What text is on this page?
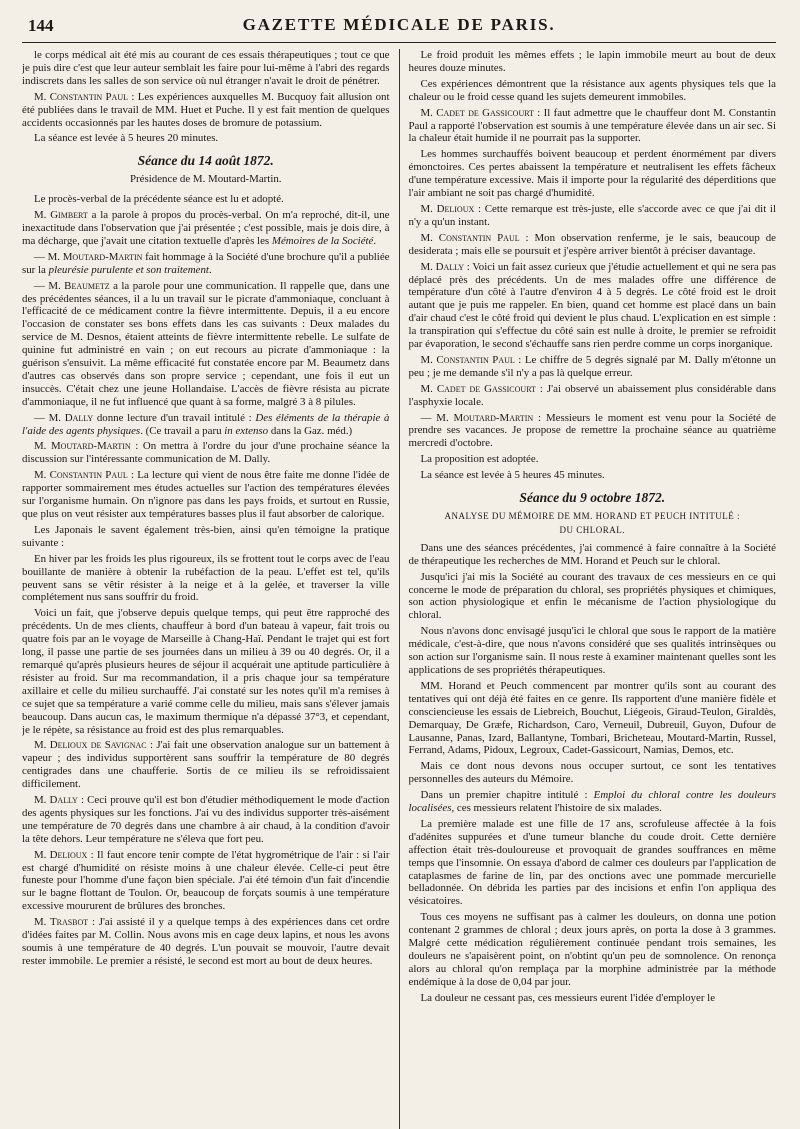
144	GAZETTE MÉDICALE DE PARIS.

le corps médical ait été mis au courant de ces essais thérapeutiques ; tout ce que je puis dire c'est que leur auteur semblait les faire pour lui-même à l'abri des regards indiscrets dans les salles de son service où nul étranger n'avait le droit de pénétrer.

M. Constantin Paul : Les expériences auxquelles M. Bucquoy fait allusion ont été publiées dans le travail de MM. Huet et Puche. Il y est fait mention de quelques accidents occasionnés par les hautes doses de bromure de potassium.

La séance est levée à 5 heures 20 minutes.

Séance du 14 août 1872.
Présidence de M. Moutard-Martin.

Le procès-verbal de la précédente séance est lu et adopté.

M. Gimbert a la parole à propos du procès-verbal. On m'a reproché, dit-il, une inexactitude dans l'observation que j'ai présentée ; c'est possible, mais je dois dire, à ma décharge, que j'avait une citation textuelle d'après les Mémoires de la Société.

— M. Moutard-Martin fait hommage à la Société d'une brochure qu'il a publiée sur la pleurésie purulente et son traitement.

— M. Beaumetz a la parole pour une communication. Il rappelle que, dans une des précédentes séances, il a lu un travail sur le picrate d'ammoniaque, concluant à l'efficacité de ce médicament contre la fièvre intermittente. Depuis, il a eu encore l'occasion de constater ses bons effets dans les cas suivants : Deux malades du service de M. Desnos, étaient atteints de fièvre intermittente rebelle. Le sulfate de quinine fut administré en vain ; on eut recours au picrate d'ammoniaque : la guérison s'ensuivit. La même efficacité fut constatée encore par M. Beaumetz dans d'autres cas observés dans son propre service ; cependant, une fois il eut un insuccès. C'était chez une jeune Hollandaise. L'accès de fièvre résista au picrate d'ammoniaque, il ne fut influencé que quant à sa forme, malgré 3 à 8 pilules.

— M. Dally donne lecture d'un travail intitulé : Des éléments de la thérapie à l'aide des agents physiques. (Ce travail a paru in extenso dans la Gaz. méd.)

M. Moutard-Martin : On mettra à l'ordre du jour d'une prochaine séance la discussion sur l'intéressante communication de M. Dally.

M. Constantin Paul : La lecture qui vient de nous être faite me donne l'idée de rapporter sommairement mes études actuelles sur l'action des températures élevées sur l'organisme humain. On n'ignore pas dans les pays froids, et surtout en Russie, que plus on veut résister aux températures basses plus il faut absorber de calorique.

Les Japonais le savent également très-bien, ainsi qu'en témoigne la pratique suivante :

En hiver par les froids les plus rigoureux, ils se frottent tout le corps avec de l'eau bouillante de manière à obtenir la rubéfaction de la peau. L'effet est tel, qu'ils peuvent sans se vêtir résister à la neige et à la gelée, et traverser la ville complétement nus sans souffrir du froid.

Voici un fait, que j'observe depuis quelque temps, qui peut être rapproché des précédents. Un de mes clients, chauffeur à bord d'un bateau à vapeur, fait trois ou quatre fois par an le voyage de Marseille à Chang-Haï. Pendant le trajet qui est fort long, il passe une partie de ses journées dans un milieu à 39 ou 40 degrés. Or, il a remarqué qu'après plusieurs heures de séjour il acquérait une aptitude particulière à résister au froid. Sur ma recommandation, il a pris chaque jour sa température axillaire et celle du milieu surchauffé. J'ai constaté sur les notes qu'il m'a remises à ce sujet que sa température a varié comme celle du milieu, mais sans s'élever jamais beaucoup. Dans aucun cas, le maximum thermique n'a dépassé 37°3, et cependant, je le répète, sa résistance au froid est des plus remarquables.

M. Delioux de Savignac : J'ai fait une observation analogue sur un battement à vapeur ; des individus supportèrent sans souffrir la température de 80 degrés centigrades dans une chaufferie. Sortis de ce milieu ils se refroidissaient difficilement.

M. Dally : Ceci prouve qu'il est bon d'étudier méthodiquement le mode d'action des agents physiques sur les fonctions. J'ai vu des individus supporter très-aisément une température de 70 degrés dans une chambre à air chaud, à la condition d'avoir la tête dehors. Leur température ne s'éleva que fort peu.

M. Delioux : Il faut encore tenir compte de l'état hygrométrique de l'air : si l'air est chargé d'humidité on résiste moins à une chaleur élevée. Celle-ci peut être funeste pour l'homme d'une façon bien spéciale. J'ai été témoin d'un fait d'incendie sur le bagne flottant de Toulon. Or, beaucoup de forçats soumis à une température excessive moururent de brûlures des bronches.

M. Trasbot : J'ai assisté il y a quelque temps à des expériences dans cet ordre d'idées faites par M. Collin. Nous avons mis en cage deux lapins, et nous les avons soumis à une température de 40 degrés. L'un pouvait se mouvoir, l'autre devait rester immobile. Le premier a résisté, le second est mort au bout de deux heures.

Le froid produit les mêmes effets ; le lapin immobile meurt au bout de deux heures douze minutes.

Ces expériences démontrent que la résistance aux agents physiques tels que la chaleur ou le froid cesse quand les sujets demeurent immobiles.

M. Cadet de Gassicourt : Il faut admettre que le chauffeur dont M. Constantin Paul a rapporté l'observation est soumis à une température élevée dans un air sec. Si la chaleur était humide il ne pourrait pas la supporter.

Les hommes surchauffés boivent beaucoup et perdent énormément par divers émonctoires. Ces pertes abaissent la température et neutralisent les effets fâcheux d'une température excessive. Mais il importe pour la régularité des déperditions que l'air ambiant ne soit pas chargé d'humidité.

M. Delioux : Cette remarque est très-juste, elle s'accorde avec ce que j'ai dit il n'y a qu'un instant.

M. Constantin Paul : Mon observation renferme, je le sais, beaucoup de desiderata ; mais elle se poursuit et j'espère arriver bientôt à préciser davantage.

M. Dally : Voici un fait assez curieux que j'étudie actuellement et qui ne sera pas déplacé près des précédents. Un de mes malades offre une différence de température d'un côté à l'autre d'environ 4 à 5 degrés. Le côté froid est le droit autant que je puis me rappeler. En bien, quand cet homme est placé dans un bain d'air chaud c'est le côté froid qui devient le plus chaud. L'explication en est simple : la transpiration qui s'effectue du côté sain est nulle à droite, le premier se refroidit par évaporation, le second s'échauffe sans rien perdre comme un corps inorganique.

M. Constantin Paul : Le chiffre de 5 degrés signalé par M. Dally m'étonne un peu ; je me demande s'il n'y a pas là quelque erreur.

M. Cadet de Gassicourt : J'ai observé un abaissement plus considérable dans l'asphyxie locale.

— M. Moutard-Martin : Messieurs le moment est venu pour la Société de prendre ses vacances. Je propose de remettre la prochaine séance au quatrième mercredi d'octobre.

La proposition est adoptée.

La séance est levée à 5 heures 45 minutes.

Séance du 9 octobre 1872.
ANALYSE DU MÉMOIRE DE MM. HORAND ET PEUCH INTITULÉ :
DU CHLORAL.

Dans une des séances précédentes, j'ai commencé à faire connaître à la Société de thérapeutique les recherches de MM. Horand et Peuch sur le chloral.

Jusqu'ici j'ai mis la Société au courant des travaux de ces messieurs en ce qui concerne le mode de préparation du chloral, ses propriétés physiques et chimiques, son action physiologique et enfin le mécanisme de l'action physiologique du chloral.

Nous n'avons donc envisagé jusqu'ici le chloral que sous le rapport de la matière médicale, c'est-à-dire, que nous n'avons considéré que ses qualités intrinsèques ou son action sur l'organisme sain. Il nous reste à examiner maintenant quelles sont les applications de ses propriétés thérapeutiques.

MM. Horand et Peuch commencent par montrer qu'ils sont au courant des tentatives qui ont déjà été faites en ce genre. Ils rapportent d'une manière fidèle et consciencieuse les essais de Liebreich, Bouchut, Liégeois, Giraud-Teulon, Giraldès, Demarquay, De Græfe, Richardson, Caro, Verneuil, Dubreuil, Guyon, Dufour de Lausanne, Panas, Izard, Ballantyne, Tombari, Bricheteau, Moutard-Martin, Russel, Ferrand, Adams, Pidoux, Legroux, Cadet-Gassicourt, Namias, Demos, etc.

Mais ce dont nous devons nous occuper surtout, ce sont les tentatives personnelles des auteurs du Mémoire.

Dans un premier chapitre intitulé : Emploi du chloral contre les douleurs localisées, ces messieurs relatent l'histoire de six malades.

La première malade est une fille de 17 ans, scrofuleuse affectée à la fois d'adénites suppurées et d'une tumeur blanche du coude droit. Cette dernière affection était très-douloureuse et provoquait de grandes souffrances en même temps que l'insomnie. On essaya d'abord de calmer ces douleurs par l'application de cataplasmes de farine de lin, par des onctions avec une pommade mercurielle belladonnée. On débrida les parties par des incisions et enfin l'on appliqua des vésicatoires.

Tous ces moyens ne suffisant pas à calmer les douleurs, on donna une potion contenant 2 grammes de chloral ; deux jours après, on porta la dose à 3 grammes. Malgré cette médication régulièrement continuée pendant trois semaines, les douleurs ne s'apaisèrent point, on n'obtint qu'un peu de somnolence. On renonça alors au chloral qu'on remplaça par la morphine administrée par la méthode endémique à la dose de 0,04 par jour.

La douleur ne cessant pas, ces messieurs eurent l'idée d'employer le
